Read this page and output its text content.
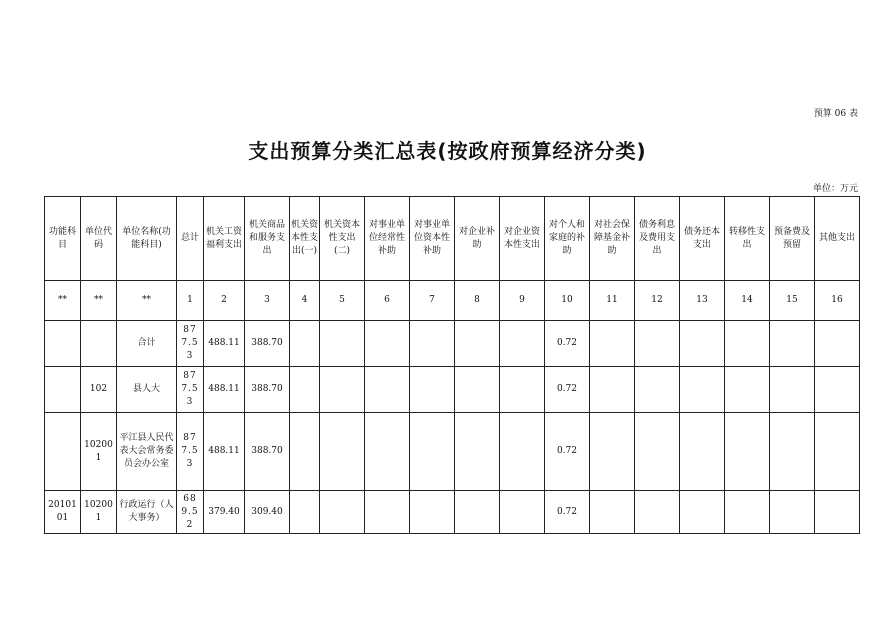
预算 06 表
支出预算分类汇总表(按政府预算经济分类)
单位：万元
功能科目	单位代码	单位名称(功能科目)	总计	机关工资福利支出	机关商品和服务支出	机关资本性支出(一)	机关资本性支出(二)	对事业单位经常性补助	对事业单位资本性补助	对企业补助	对企业资本性支出	对个人和家庭的补助	对社会保障基金补助	债务利息及费用支出	债务还本支出	转移性支出	预备费及预留	其他支出
**	**	**	1	2	3	4	5	6	7	8	9	10	11	12	13	14	15	16
		合计	877.53	488.11	388.70							0.72						
	102	县人大	877.53	488.11	388.70							0.72						
	102001	平江县人民代表大会常务委员会办公室	877.53	488.11	388.70							0.72						
2010101	102001	行政运行（人大事务）	689.52	379.40	309.40							0.72						
